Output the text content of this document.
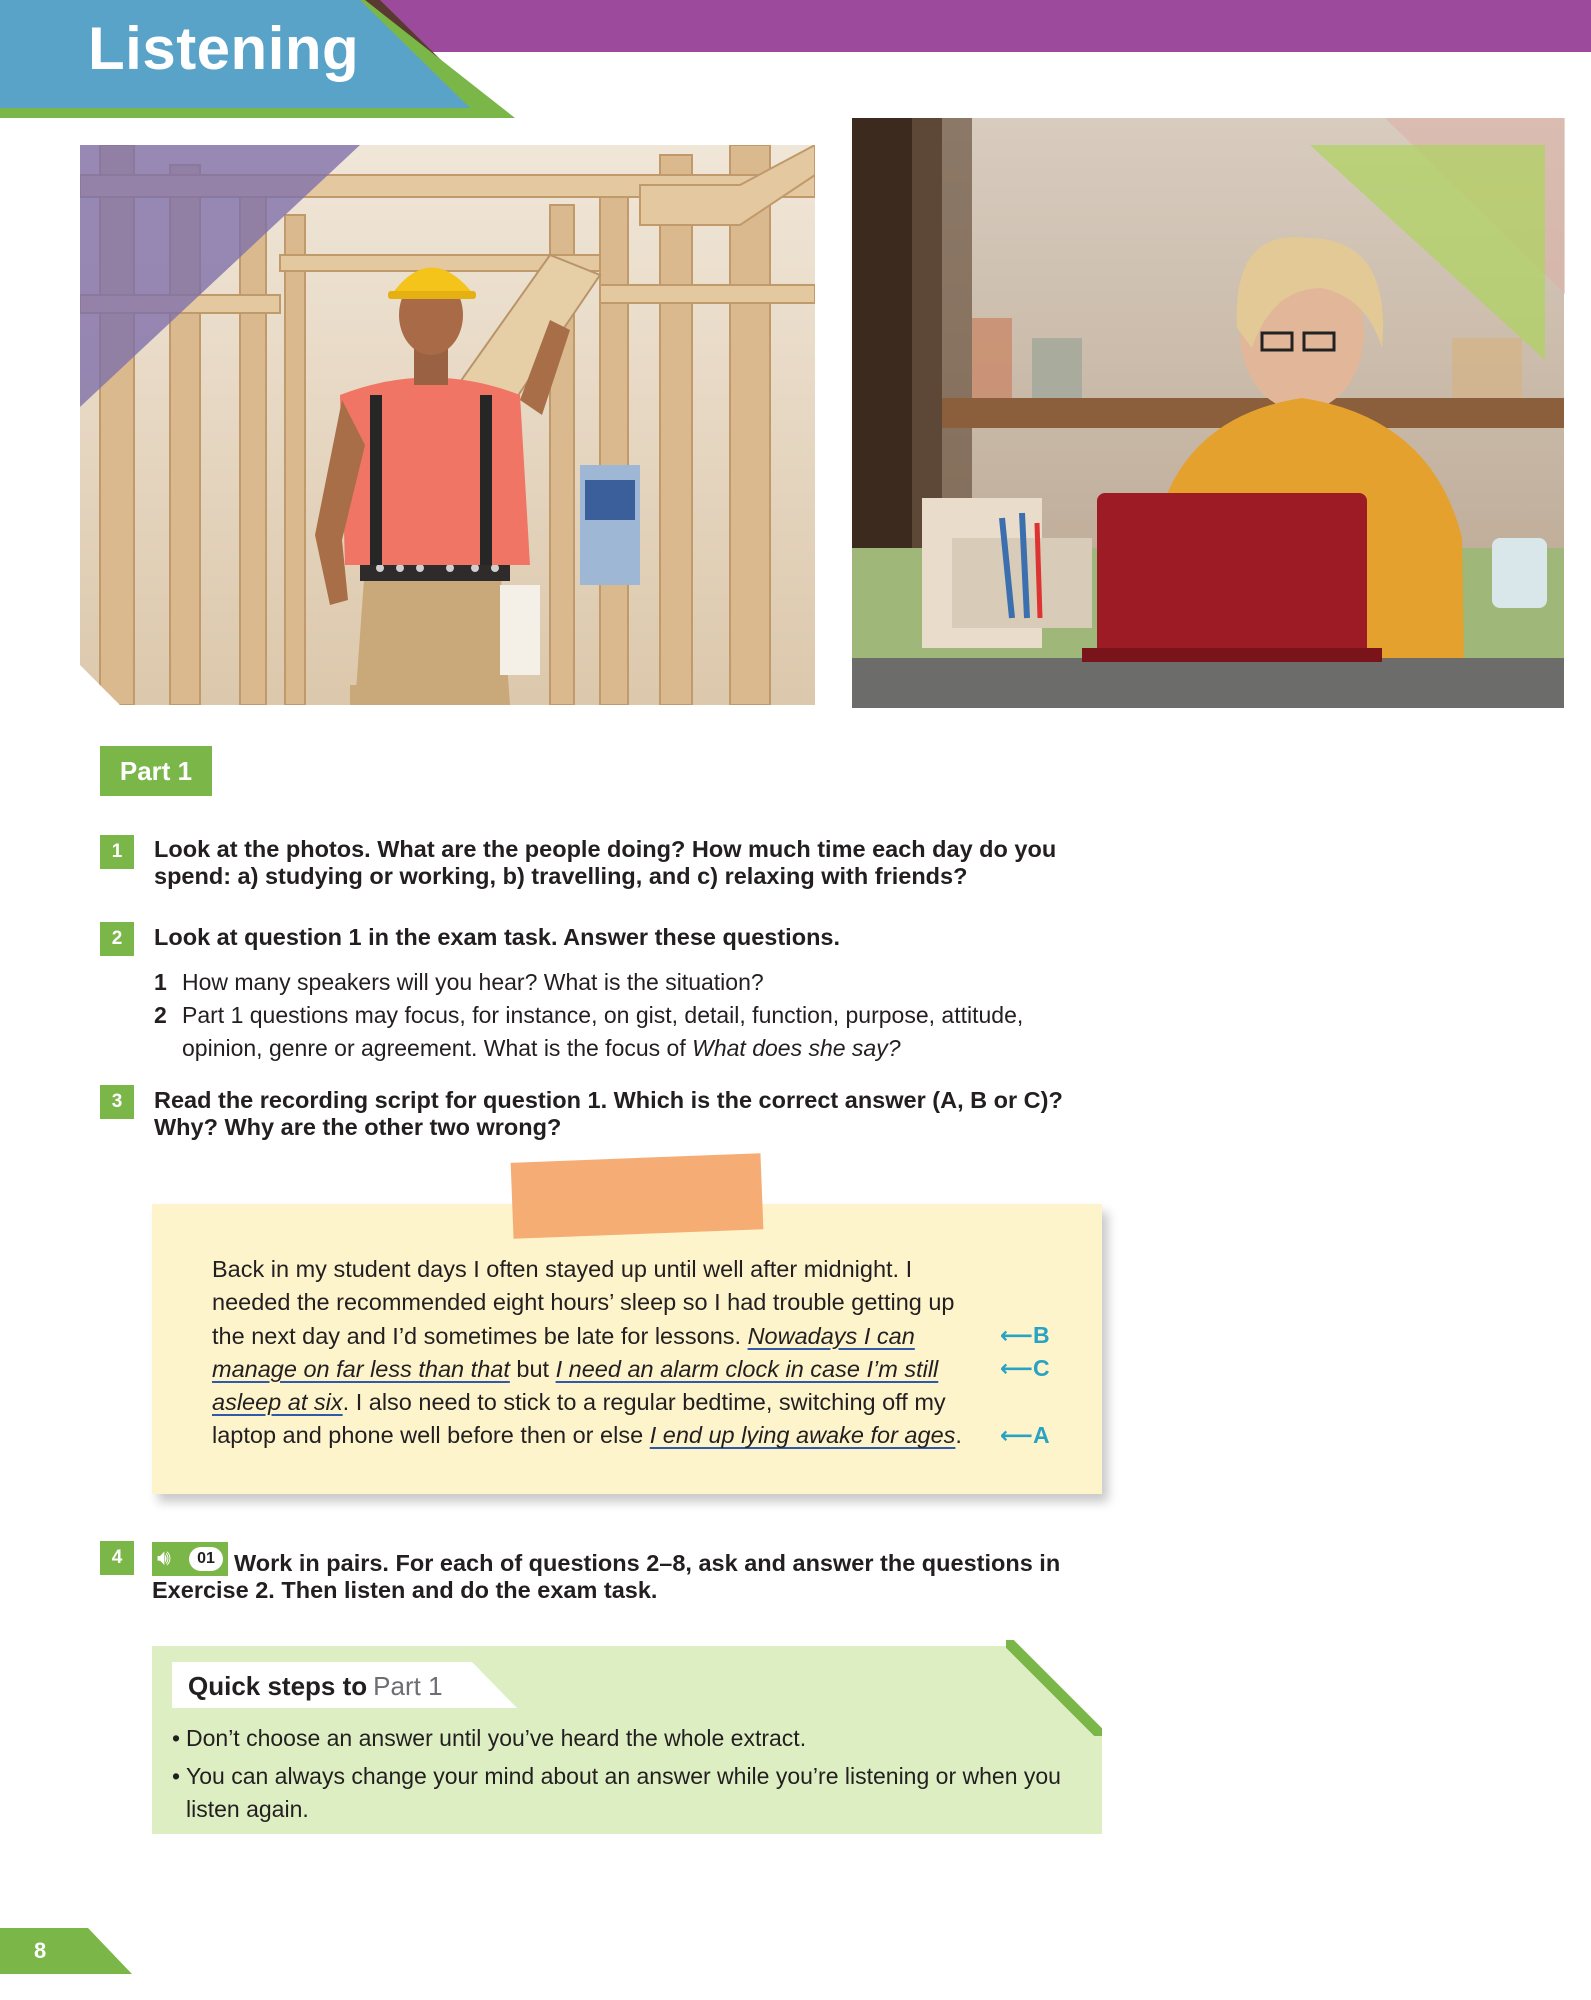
Listening
Part 1
1	Look at the photos. What are the people doing? How much time each day do you spend: a) studying or working, b) travelling, and c) relaxing with friends?
2	Look at question 1 in the exam task. Answer these questions.
1 How many speakers will you hear? What is the situation?
2 Part 1 questions may focus, for instance, on gist, detail, function, purpose, attitude, opinion, genre or agreement. What is the focus of What does she say?
3	Read the recording script for question 1. Which is the correct answer (A, B or C)? Why? Why are the other two wrong?
Back in my student days I often stayed up until well after midnight. I needed the recommended eight hours’ sleep so I had trouble getting up the next day and I’d sometimes be late for lessons. Nowadays I can manage on far less than that but I need an alarm clock in case I’m still asleep at six. I also need to stick to a regular bedtime, switching off my laptop and phone well before then or else I end up lying awake for ages.
⟵B
⟵C
⟵A
4	🔊︎	01 Work in pairs. For each of questions 2–8, ask and answer the questions in Exercise 2. Then listen and do the exam task.
Quick steps to Part 1
• Don’t choose an answer until you’ve heard the whole extract.
• You can always change your mind about an answer while you’re listening or when you listen again.
8
